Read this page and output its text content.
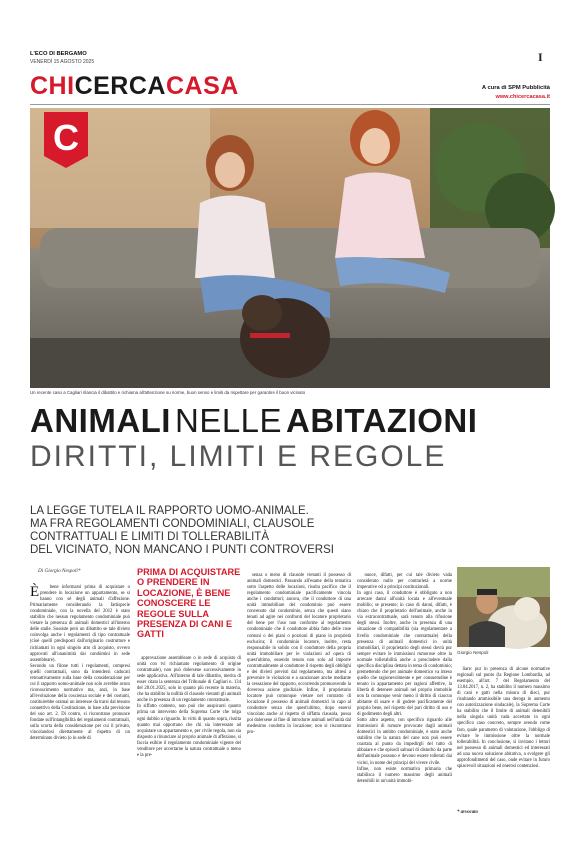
L'ECO DI BERGAMO
VENERDÌ 15 AGOSTO 2025	I
CHICERCACASA	A cura di SPM Pubblicità
www.chicercacasa.it
Un recente caso a Cagliari rilancia il dibattito e richiama all'attenzione su norme, buon senso e limiti da rispettare per garantire il buon vicinato
C
ANIMALI NELLE ABITAZIONI
DIRITTI, LIMITI E REGOLE
LA LEGGE TUTELA IL RAPPORTO UOMO-ANIMALE.
MA FRA REGOLAMENTI CONDOMINIALI, CLAUSOLE
CONTRATTUALI E LIMITI DI TOLLERABILITÀ
DEL VICINATO, NON MANCANO I PUNTI CONTROVERSI
Di Giorgio Nespoli*	PRIMA DI ACQUISTARE O PRENDERE IN LOCAZIONE, È BENE CONOSCERE LE REGOLE SULLA PRESENZA DI CANI E GATTI

È bene informarsi prima di acquistare o prendere in locazione un appartamento, se si hanno con sé degli animali d'affezione. Primariamente considerando la fattispecie condominiale, con la novella del 2012 è stato stabilito che nessun regolamento condominiale può vietare la presenza di animali domestici all'interno delle stalle. Sussiste però un dibattito se tale divieto coinvolga anche i regolamenti di tipo contrattuale (cioè quelli predisposti dall'originario costruttore e richiamati in ogni singolo atto di acquisto, ovvero approvati all'unanimità dai condòmini in sede assembleare).
Secondo un filone tutti i regolamenti, compresi quelli contrattuali, sono da intendersi caducati retroattivamente sulla base della considerazione per cui il rapporto uomo-animale non solo avrebbe avuto riconoscimento normativo ma, anzi, in base all'evoluzione della coscienza sociale e dei costumi, costituirebbe oramai un interesse da trarsi dal tessuto connettivo della Costituzione, in base alla previsione del suo art. 2. Di contro, si riscontrano pronunce fondate sull'intangibilità dei regolamenti contrattuali, sulla scorta della considerazione per cui il privato, vincolandosi direttamente al rispetto di un determinato divieto (o in sede di

approvazione assembleare o in sede di acquisto di unità con tvi richiamato regolamento di origine contrattuale), non può dolersene successivamente in sede applicativa. All'interno di tale dibattito, merita di esser citata la sentenza del Tribunale di Cagliari n. 134 del 28.01.2025, solo in quanto più recente in materia, che ha stabilito la nullità di clausole vietanti gli animali anche in presenza di un regolamento contrattuale.
In siffatto contesto, non può che auspicarsi quanto prima un intervento della Suprema Corte che tolga ogni dubbio a riguardo. In virtù di quanto sopra, risulta quanto mai opportuno che chi sia interessato ad acquistare un appartamento e, per civile regola, non sia disposto a rinunciare al proprio animale di affezione, si faccia esibire il regolamento condominiale vigente del venditore per accertarne la natura contrattuale o meno e la pre-

senza o meno di clausole vietanti il possesso di animali domestici. Passando all'esame della tematica sotto l'aspetto delle locazioni, risulta pacifico che il regolamento condominiale pacificamente vincola anche i conduttori; ancora, che il conduttore di una unità immobiliare del condominio può essere convenuto dal condominio, senza che questi siano tenuti ad agire nei confronti del locatore proprietario del bene per l'uso non conforme al regolamento condominiale che il conduttore abbia fatto delle cose comuni o dei piani o porzioni di piano in proprietà esclusiva; il condominio locatore, inoltre, resta responsabile in solido con il conduttore della propria unità immobiliare per le violazioni ad opera di quest'ultimo, essendo tenuto non solo ad imporre contrattualmente al conduttore il rispetto degli obblighi e dei divieti previsti dal regolamento, ma altresì a prevenire le violazioni e a sanzionare anche mediante la cessazione del rapporto, occorrendo promuovendo la doverosa azione giudiziale. Infine, il proprietario locatore può comunque vietare nel contratto di locazione il possesso di animali domestici in capo al conduttore senza che quest'ultimo, dopo essersi vincolato anche al rispetto di siffatta clausola, possa poi dolersene al fine di introdurre animali nell'unità dal medesimo condotta in locazione; non si riscontrano pro-

nunce, difatti, per cui tale divieto vada considerato nullo per contrarietà a norme imperative od a principi costituzionali.
In ogni caso, il conduttore è obbligato a non arrecare danni all'unità locata e all'eventuale mobilio; se presente; in caso di danni, difatti, è chiaro che il proprietario dell'animale, anche in via extracontrattuale, sarà tenuto alla rifusione degli stessi. Inoltre, anche in presenza di una situazione di compatibilità (sia regolamentare a livello condominiale che contrattuale) della presenza di animali domestici in unità immobiliari, il proprietario degli stessi dovrà pur sempre evitare le immissioni rumorose oltre la normale tollerabilità anche a prescindere dalla specifica disciplina dettata in tema di condominio; premettendo che per animale domestico va inteso quello che ragionevolmente e per consuetudine è tenuto in appartamento per ragioni affettive, la libertà di detenere animali nel proprio immobile non fa comunque venir meno il diritto di ciascun abitante di usare e di godere pacificamente del proprio bene, nel rispetto del pari diritto di uso e di godimento degli altri.
Sotto altro aspetto, con specifico riguardo alle immissioni di rumore provocate dagli animali domestici in ambito condominiale, è stato anche stabilito che la natura del cane non può essere coartata al punto da impedirgli del tutto di abbaiare e che episodi saltuari di disturbo da parte dell'animale possono e devono essere tollerati dai vicini, in nome dei principi del vivere civile.
Infine, non esiste normativa primaria che stabilisca il numero massimo degli animali detenibili in un'unità immobi-

Giorgio Nespoli

liare: pur in presenza di alcune normative regionali sul punto (la Regione Lombardia, ad esempio, all'art. 7 del Regolamento del 13.04.2017, n. 2, ha stabilito il numero massimo di cani e gatti nella misura di dieci, pur risultando ammissibile una deroga in aumento con autorizzazione sindacale), la Suprema Corte ha stabilito che il limite di animali detenibili nella singola unità vada accertato in ogni specifico caso concreto, sempre avendo come faro, quale parametro di valutazione, l'obbligo di evitare le immissione oltre la normale tollerabilità. In conclusione, si invitano i lettori nel possesso di animali domestici ed interessati ad una nuova soluzione abitativa, a svolgere gli approfondimenti del caso, onde evitare in futuro spiacevoli situazioni ed onerosi contenziosi.

* avvocato
